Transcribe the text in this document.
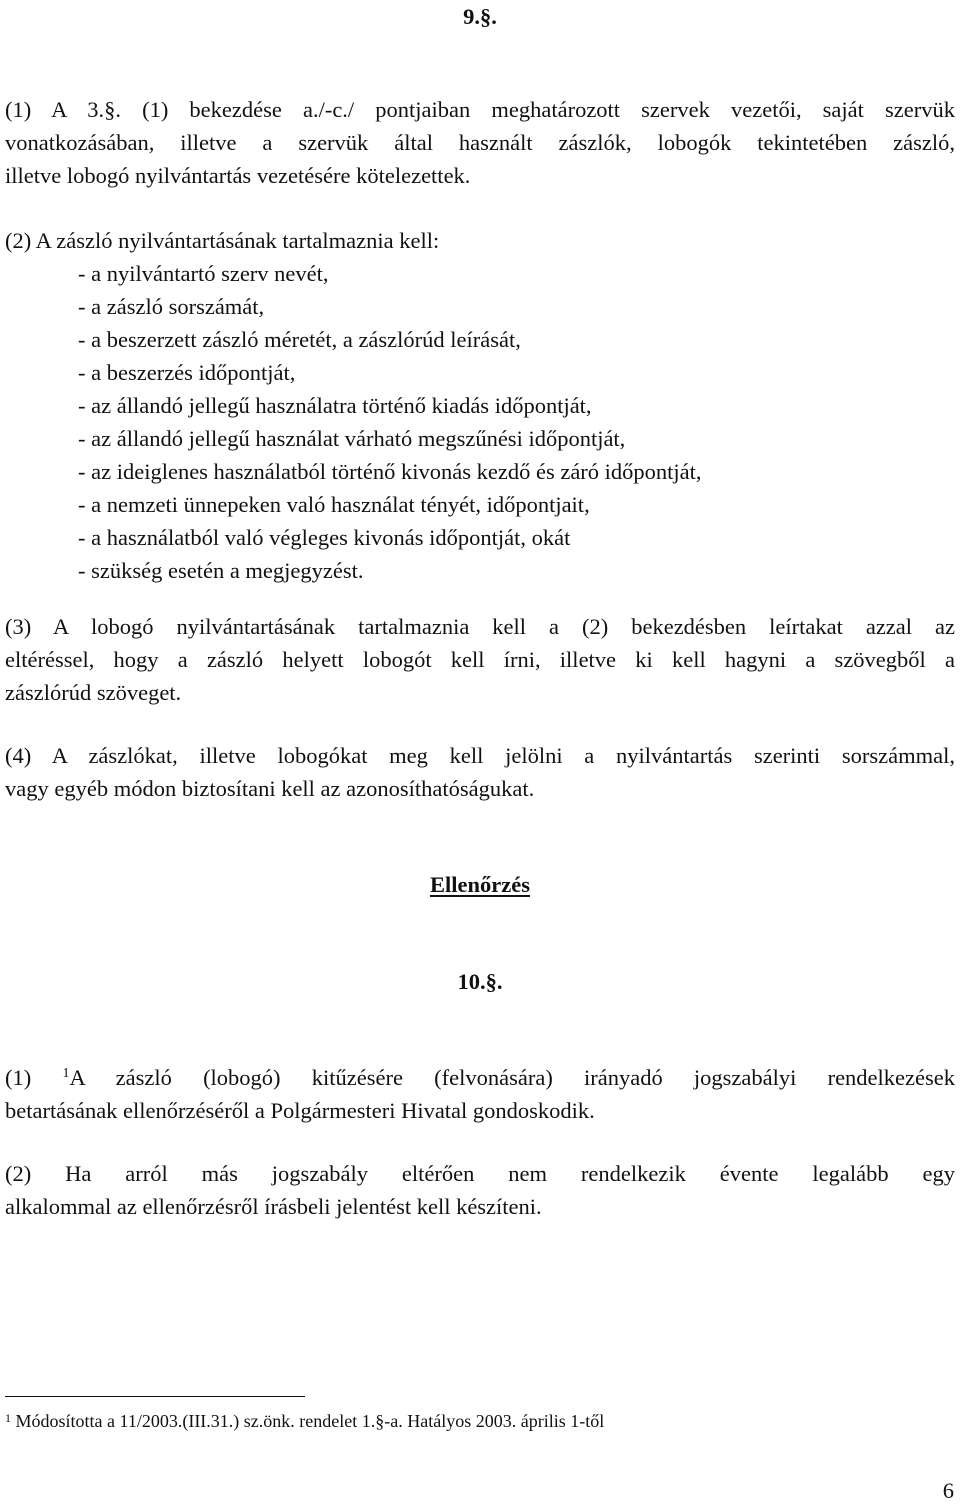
9.§.
(1) A 3.§. (1) bekezdése a./-c./ pontjaiban meghatározott szervek vezetői, saját szervük
vonatkozásában, illetve a szervük által használt zászlók, lobogók tekintetében zászló,
illetve lobogó nyilvántartás vezetésére kötelezettek.

(2) A zászló nyilvántartásának tartalmaznia kell:

- a nyilvántartó szerv nevét,
- a zászló sorszámát,
- a beszerzett zászló méretét, a zászlórúd leírását,
- a beszerzés időpontját,
- az állandó jellegű használatra történő kiadás időpontját,
- az állandó jellegű használat várható megszűnési időpontját,
- az ideiglenes használatból történő kivonás kezdő és záró időpontját,
- a nemzeti ünnepeken való használat tényét, időpontjait,
- a használatból való végleges kivonás időpontját, okát
- szükség esetén a megjegyzést.
(3) A lobogó nyilvántartásának tartalmaznia kell a (2) bekezdésben leírtakat azzal az
eltéréssel, hogy a zászló helyett lobogót kell írni, illetve ki kell hagyni a szövegből a
zászlórúd szöveget.
(4) A zászlókat, illetve lobogókat meg kell jelölni a nyilvántartás szerinti sorszámmal,
vagy egyéb módon biztosítani kell az azonosíthatóságukat.
Ellenőrzés
10.§.
(1) $^1$A zászló (lobogó) kitűzésére (felvonására) irányadó jogszabályi rendelkezések
betartásának ellenőrzéséről a Polgármesteri Hivatal gondoskodik.
(2) Ha arról más jogszabály eltérően nem rendelkezik évente legalább egy
alkalommal az ellenőrzésről írásbeli jelentést kell készíteni.
$^1$ Módosította a 11/2003.(III.31.) sz.önk. rendelet 1.§-a. Hatályos 2003. április 1-től
6
